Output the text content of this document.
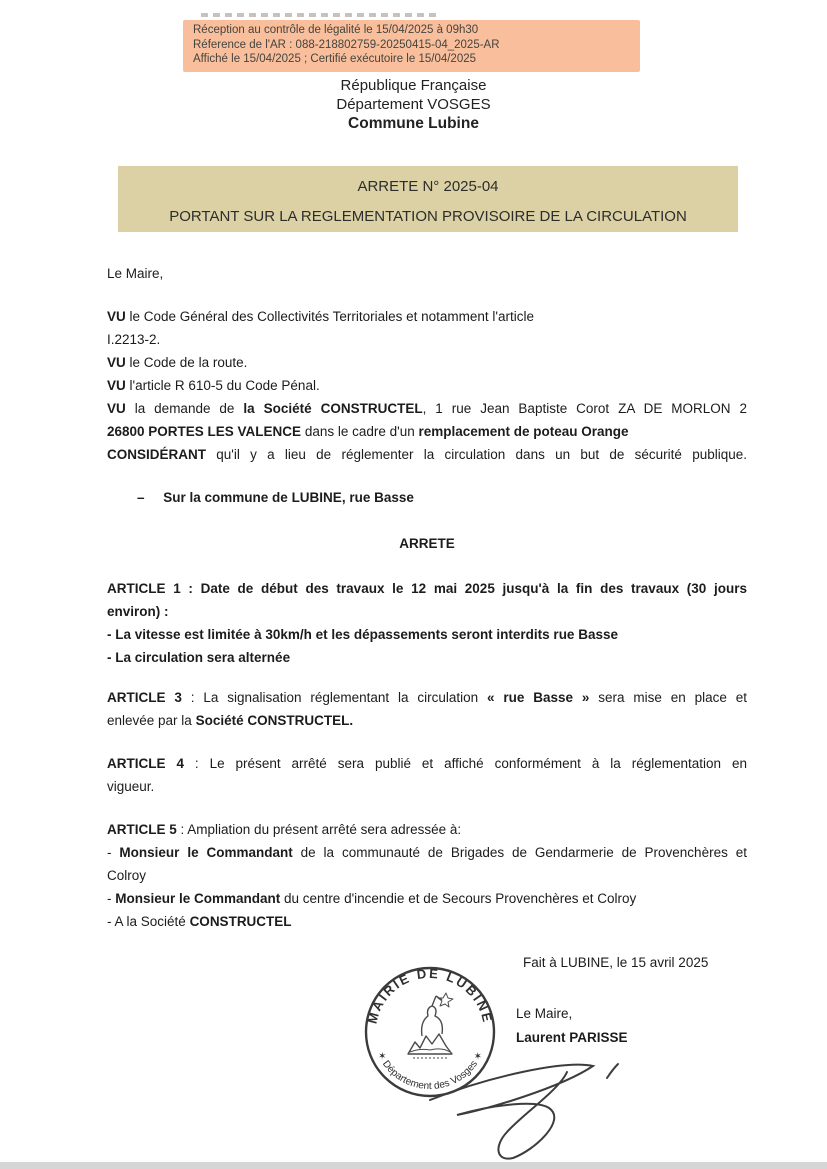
Réception au contrôle de légalité le 15/04/2025 à 09h30
Réference de l'AR : 088-218802759-20250415-04_2025-AR
Affiché le 15/04/2025 ; Certifié exécutoire le 15/04/2025
République Française
Département VOSGES
Commune Lubine
ARRETE N° 2025-04
PORTANT SUR LA REGLEMENTATION PROVISOIRE DE LA CIRCULATION
Le Maire,
VU le Code Général des Collectivités Territoriales et notamment l'article
I.2213-2.
VU le Code de la route.
VU l'article R 610-5 du Code Pénal.
VU la demande de la Société CONSTRUCTEL, 1 rue Jean Baptiste Corot ZA DE MORLON 2
26800 PORTES LES VALENCE dans le cadre d'un remplacement de poteau Orange
CONSIDÉRANT qu'il y a lieu de réglementer la circulation dans un but de sécurité publique.
– Sur la commune de LUBINE, rue Basse
ARRETE
ARTICLE 1 : Date de début des travaux le 12 mai 2025 jusqu'à la fin des travaux (30 jours
environ) :
- La vitesse est limitée à 30km/h et les dépassements seront interdits rue Basse
- La circulation sera alternée
ARTICLE 3 : La signalisation réglementant la circulation « rue Basse » sera mise en place et
enlevée par la Société CONSTRUCTEL.
ARTICLE 4 : Le présent arrêté sera publié et affiché conformément à la réglementation en
vigueur.
ARTICLE 5 : Ampliation du présent arrêté sera adressée à:
- Monsieur le Commandant de la communauté de Brigades de Gendarmerie de Provenchères et
Colroy
- Monsieur le Commandant du centre d'incendie et de Secours Provenchères et Colroy
- A la Société CONSTRUCTEL
Fait à LUBINE, le 15 avril 2025
Le Maire,
Laurent PARISSE
MAIRIE DE LUBINE
✶ Département des Vosges ✶
